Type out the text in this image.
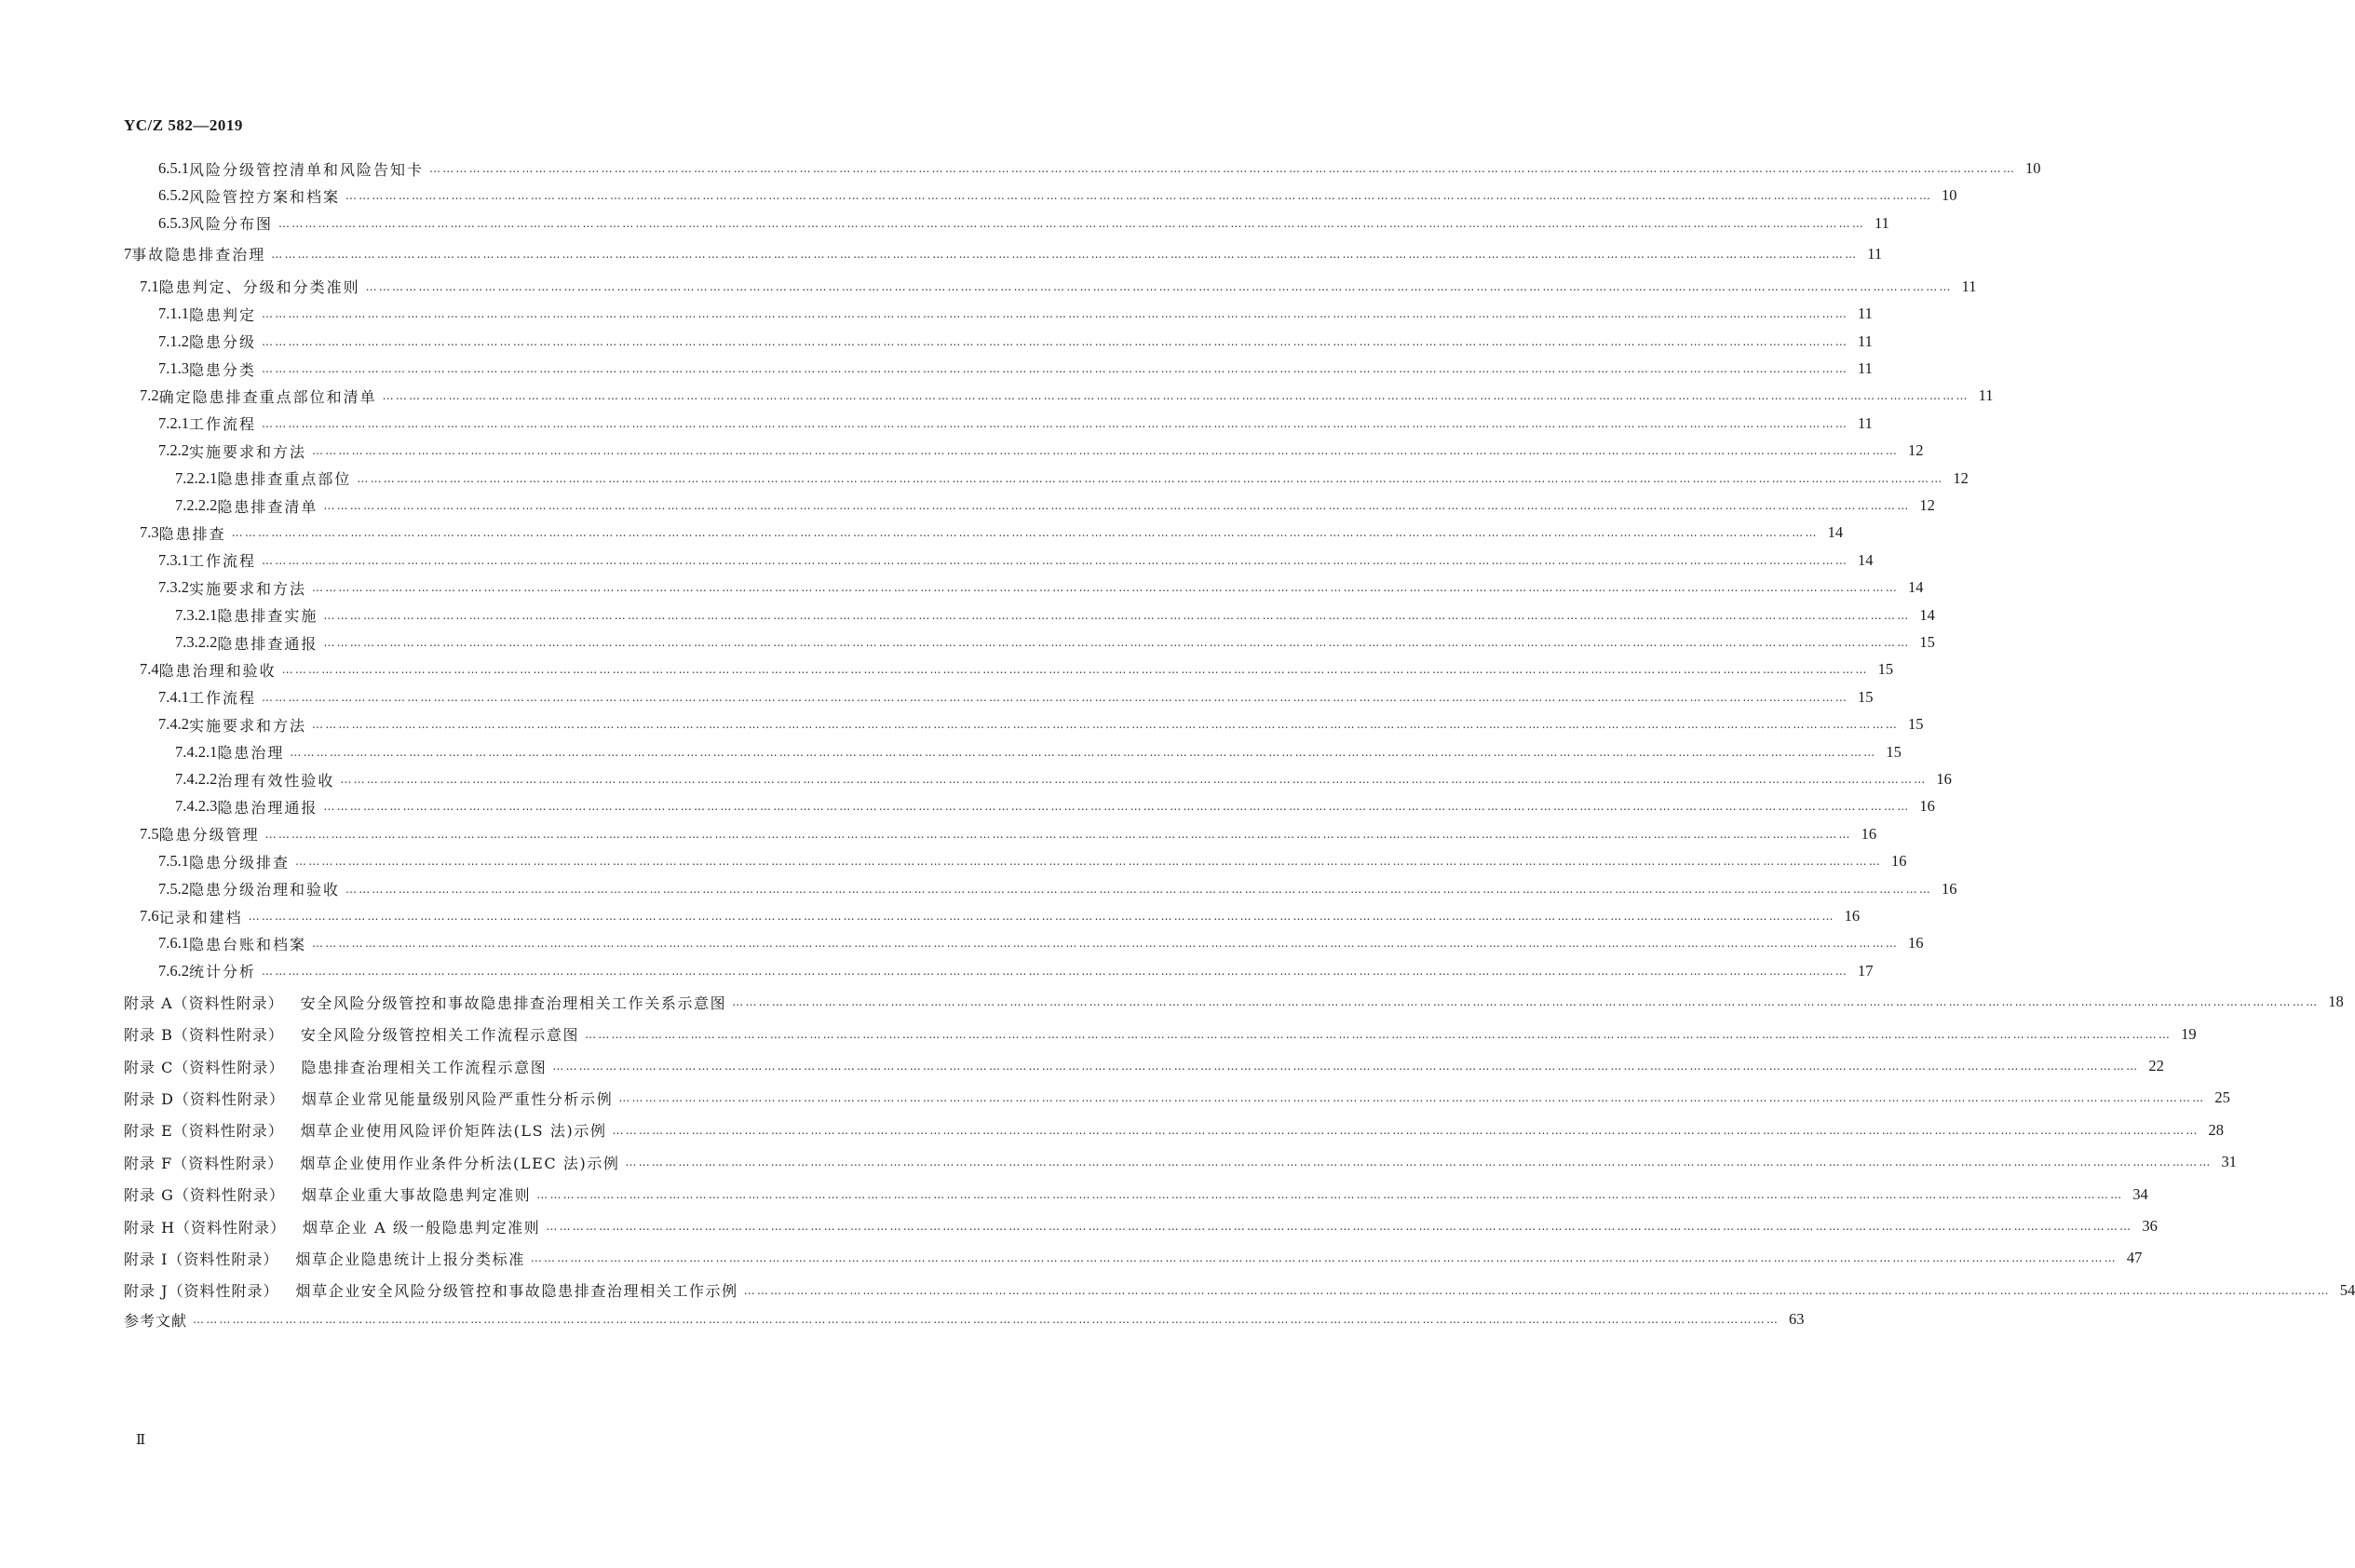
YC/Z 582—2019
6.5.1 风险分级管控清单和风险告知卡 ……………………………………………………………………………………………………………………………………………………………………………………………………………………………………………………………………………………………………………………………… 10
6.5.2 风险管控方案和档案 ……………………………………………………………………………………………………………………………………………………………………………………………………………………………………………………………………………………………………………………………… 10
6.5.3 风险分布图 ……………………………………………………………………………………………………………………………………………………………………………………………………………………………………………………………………………………………………………………………… 11
7 事故隐患排查治理 ……………………………………………………………………………………………………………………………………………………………………………………………………………………………………………………………………………………………………………………………… 11
7.1 隐患判定、分级和分类准则 ……………………………………………………………………………………………………………………………………………………………………………………………………………………………………………………………………………………………………………………………… 11
7.1.1 隐患判定 ……………………………………………………………………………………………………………………………………………………………………………………………………………………………………………………………………………………………………………………………… 11
7.1.2 隐患分级 ……………………………………………………………………………………………………………………………………………………………………………………………………………………………………………………………………………………………………………………………… 11
7.1.3 隐患分类 ……………………………………………………………………………………………………………………………………………………………………………………………………………………………………………………………………………………………………………………………… 11
7.2 确定隐患排查重点部位和清单 ……………………………………………………………………………………………………………………………………………………………………………………………………………………………………………………………………………………………………………………………… 11
7.2.1 工作流程 ……………………………………………………………………………………………………………………………………………………………………………………………………………………………………………………………………………………………………………………………… 11
7.2.2 实施要求和方法 ……………………………………………………………………………………………………………………………………………………………………………………………………………………………………………………………………………………………………………………………… 12
7.2.2.1 隐患排查重点部位 ……………………………………………………………………………………………………………………………………………………………………………………………………………………………………………………………………………………………………………………………… 12
7.2.2.2 隐患排查清单 ……………………………………………………………………………………………………………………………………………………………………………………………………………………………………………………………………………………………………………………………… 12
7.3 隐患排查 ……………………………………………………………………………………………………………………………………………………………………………………………………………………………………………………………………………………………………………………………… 14
7.3.1 工作流程 ……………………………………………………………………………………………………………………………………………………………………………………………………………………………………………………………………………………………………………………………… 14
7.3.2 实施要求和方法 ……………………………………………………………………………………………………………………………………………………………………………………………………………………………………………………………………………………………………………………………… 14
7.3.2.1 隐患排查实施 ……………………………………………………………………………………………………………………………………………………………………………………………………………………………………………………………………………………………………………………………… 14
7.3.2.2 隐患排查通报 ……………………………………………………………………………………………………………………………………………………………………………………………………………………………………………………………………………………………………………………………… 15
7.4 隐患治理和验收 ……………………………………………………………………………………………………………………………………………………………………………………………………………………………………………………………………………………………………………………………… 15
7.4.1 工作流程 ……………………………………………………………………………………………………………………………………………………………………………………………………………………………………………………………………………………………………………………………… 15
7.4.2 实施要求和方法 ……………………………………………………………………………………………………………………………………………………………………………………………………………………………………………………………………………………………………………………………… 15
7.4.2.1 隐患治理 ……………………………………………………………………………………………………………………………………………………………………………………………………………………………………………………………………………………………………………………………… 15
7.4.2.2 治理有效性验收 ……………………………………………………………………………………………………………………………………………………………………………………………………………………………………………………………………………………………………………………………… 16
7.4.2.3 隐患治理通报 ……………………………………………………………………………………………………………………………………………………………………………………………………………………………………………………………………………………………………………………………… 16
7.5 隐患分级管理 ……………………………………………………………………………………………………………………………………………………………………………………………………………………………………………………………………………………………………………………………… 16
7.5.1 隐患分级排查 ……………………………………………………………………………………………………………………………………………………………………………………………………………………………………………………………………………………………………………………………… 16
7.5.2 隐患分级治理和验收 ……………………………………………………………………………………………………………………………………………………………………………………………………………………………………………………………………………………………………………………………… 16
7.6 记录和建档 ……………………………………………………………………………………………………………………………………………………………………………………………………………………………………………………………………………………………………………………………… 16
7.6.1 隐患台账和档案 ……………………………………………………………………………………………………………………………………………………………………………………………………………………………………………………………………………………………………………………………… 16
7.6.2 统计分析 ……………………………………………………………………………………………………………………………………………………………………………………………………………………………………………………………………………………………………………………………… 17
附录 A（资料性附录） 安全风险分级管控和事故隐患排查治理相关工作关系示意图 ……………………………………………………………………………………………………………………………………………………………………………………………………………………………………………………………………………………………………………………………… 18
附录 B（资料性附录） 安全风险分级管控相关工作流程示意图 ……………………………………………………………………………………………………………………………………………………………………………………………………………………………………………………………………………………………………………………………… 19
附录 C（资料性附录） 隐患排查治理相关工作流程示意图 ……………………………………………………………………………………………………………………………………………………………………………………………………………………………………………………………………………………………………………………………… 22
附录 D（资料性附录） 烟草企业常见能量级别风险严重性分析示例 ……………………………………………………………………………………………………………………………………………………………………………………………………………………………………………………………………………………………………………………………… 25
附录 E（资料性附录） 烟草企业使用风险评价矩阵法(LS 法)示例 ……………………………………………………………………………………………………………………………………………………………………………………………………………………………………………………………………………………………………………………………… 28
附录 F（资料性附录） 烟草企业使用作业条件分析法(LEC 法)示例 ……………………………………………………………………………………………………………………………………………………………………………………………………………………………………………………………………………………………………………………………… 31
附录 G（资料性附录） 烟草企业重大事故隐患判定准则 ……………………………………………………………………………………………………………………………………………………………………………………………………………………………………………………………………………………………………………………………… 34
附录 H（资料性附录） 烟草企业 A 级一般隐患判定准则 ……………………………………………………………………………………………………………………………………………………………………………………………………………………………………………………………………………………………………………………………… 36
附录 I（资料性附录） 烟草企业隐患统计上报分类标准 ……………………………………………………………………………………………………………………………………………………………………………………………………………………………………………………………………………………………………………………………… 47
附录 J（资料性附录） 烟草企业安全风险分级管控和事故隐患排查治理相关工作示例 ……………………………………………………………………………………………………………………………………………………………………………………………………………………………………………………………………………………………………………………………… 54
参考文献 ……………………………………………………………………………………………………………………………………………………………………………………………………………………………………………………………………………………………………………………………… 63
Ⅱ
